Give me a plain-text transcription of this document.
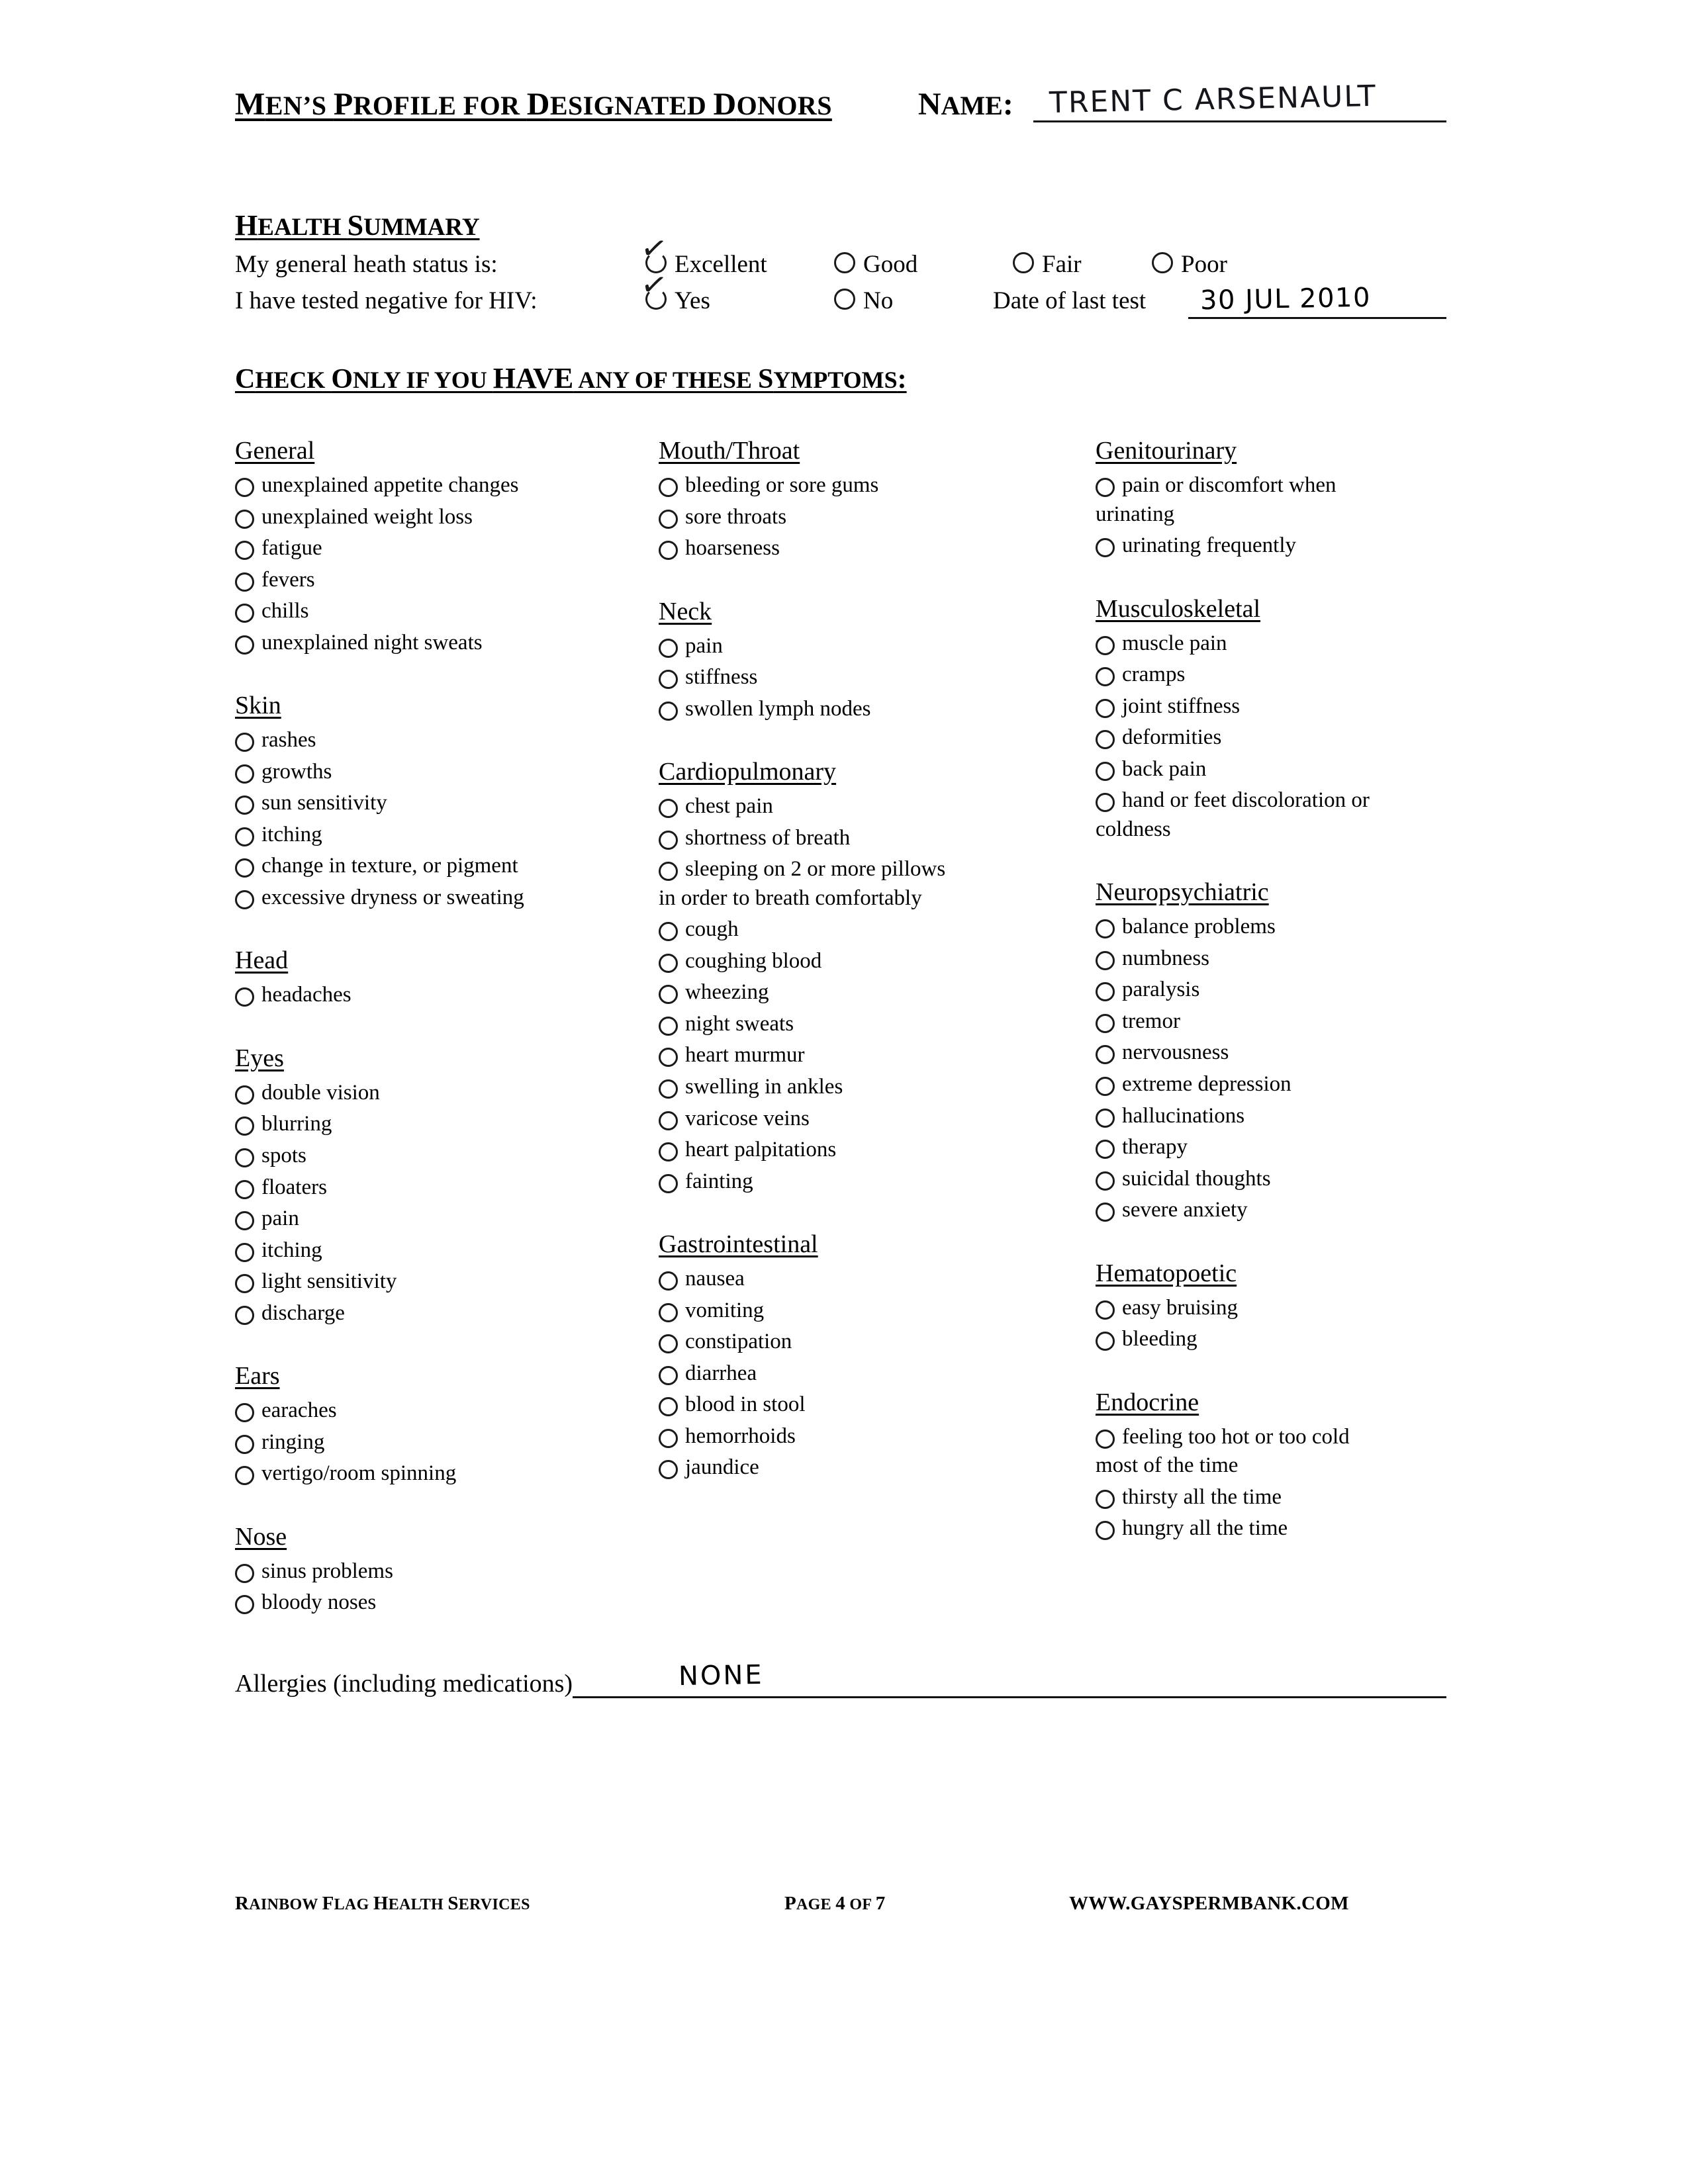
MEN’S PROFILE FOR DESIGNATED DONORS	NAME: TRENT C ARSENAULT
HEALTH SUMMARY
My general heath status is:	✓ Excellent	Good	Fair	Poor
I have tested negative for HIV:	✓ Yes	No	Date of last test 30 JUL 2010
CHECK ONLY IF YOU HAVE ANY OF THESE SYMPTOMS:
General
unexplained appetite changes
unexplained weight loss
fatigue
fevers
chills
unexplained night sweats
Skin
rashes
growths
sun sensitivity
itching
change in texture, or pigment
excessive dryness or sweating
Head
headaches
Eyes
double vision
blurring
spots
floaters
pain
itching
light sensitivity
discharge
Ears
earaches
ringing
vertigo/room spinning
Nose
sinus problems
bloody noses
Mouth/Throat
bleeding or sore gums
sore throats
hoarseness
Neck
pain
stiffness
swollen lymph nodes
Cardiopulmonary
chest pain
shortness of breath
sleeping on 2 or more pillows
in order to breath comfortably
cough
coughing blood
wheezing
night sweats
heart murmur
swelling in ankles
varicose veins
heart palpitations
fainting
Gastrointestinal
nausea
vomiting
constipation
diarrhea
blood in stool
hemorrhoids
jaundice
Genitourinary
pain or discomfort when
urinating
urinating frequently
Musculoskeletal
muscle pain
cramps
joint stiffness
deformities
back pain
hand or feet discoloration or
coldness
Neuropsychiatric
balance problems
numbness
paralysis
tremor
nervousness
extreme depression
hallucinations
therapy
suicidal thoughts
severe anxiety
Hematopoetic
easy bruising
bleeding
Endocrine
feeling too hot or too cold
most of the time
thirsty all the time
hungry all the time
Allergies (including medications)	NONE
RAINBOW FLAG HEALTH SERVICES	PAGE 4 OF 7	WWW.GAYSPERMBANK.COM
